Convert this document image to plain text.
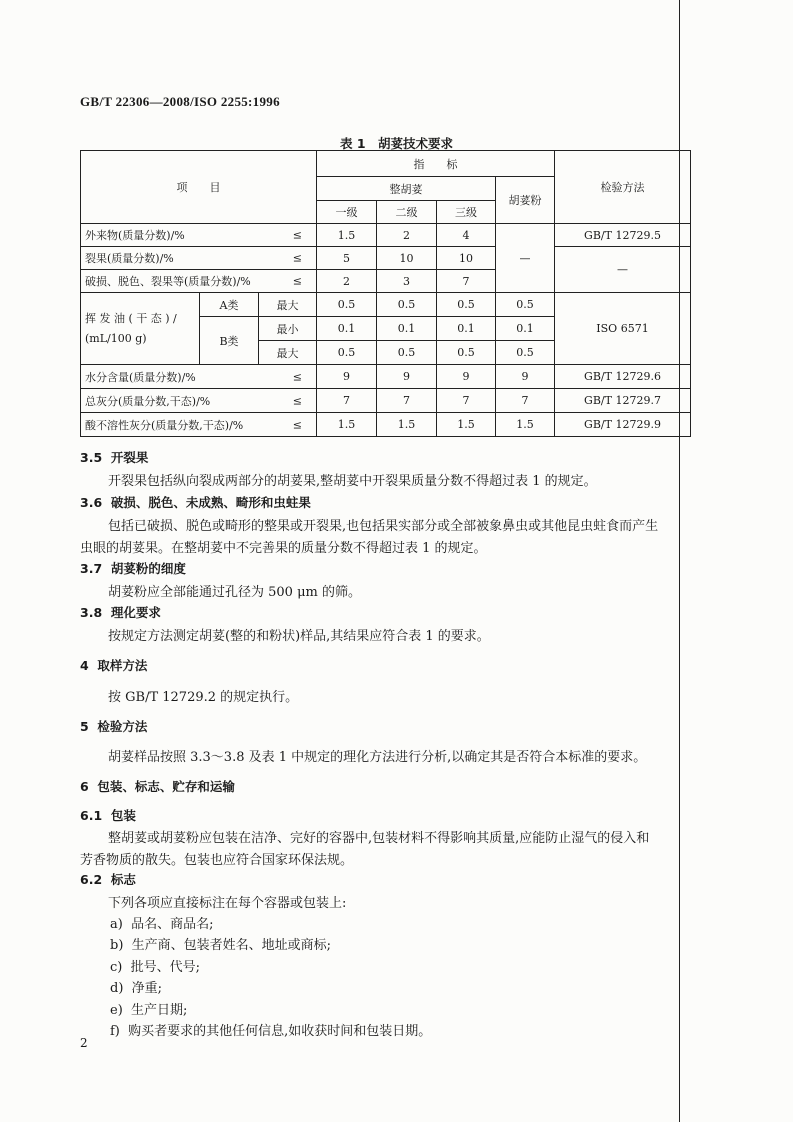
GB/T 22306—2008/ISO 2255:1996
表 1　胡荽技术要求
项　　目			指　　标				检验方法
			整胡荽			胡荽粉	
			一级	二级	三级		
外来物(质量分数)/% ≤			1.5	2	4	—	GB/T 12729.5
裂果(质量分数)/% ≤			5	10	10		—
破损、脱色、裂果等(质量分数)/% ≤			2	3	7		

挥 发 油 ( 干 态 ) /
(mL/100 g)	A类	最大	0.5	0.5	0.5	0.5	ISO 6571
	B类	最小	0.1	0.1	0.1	0.1	
		最大	0.5	0.5	0.5	0.5	
水分含量(质量分数)/% ≤			9	9	9	9	GB/T 12729.6
总灰分(质量分数,干态)/% ≤			7	7	7	7	GB/T 12729.7
酸不溶性灰分(质量分数,干态)/% ≤			1.5	1.5	1.5	1.5	GB/T 12729.9
3.5 开裂果
开裂果包括纵向裂成两部分的胡荽果,整胡荽中开裂果质量分数不得超过表 1 的规定。
3.6 破损、脱色、未成熟、畸形和虫蛀果
包括已破损、脱色或畸形的整果或开裂果,也包括果实部分或全部被象鼻虫或其他昆虫蛀食而产生
虫眼的胡荽果。在整胡荽中不完善果的质量分数不得超过表 1 的规定。
3.7 胡荽粉的细度
胡荽粉应全部能通过孔径为 500 μm 的筛。
3.8 理化要求
按规定方法测定胡荽(整的和粉状)样品,其结果应符合表 1 的要求。
4 取样方法
按 GB/T 12729.2 的规定执行。
5 检验方法
胡荽样品按照 3.3～3.8 及表 1 中规定的理化方法进行分析,以确定其是否符合本标准的要求。
6 包装、标志、贮存和运输
6.1 包装
整胡荽或胡荽粉应包装在洁净、完好的容器中,包装材料不得影响其质量,应能防止湿气的侵入和
芳香物质的散失。包装也应符合国家环保法规。
6.2 标志
下列各项应直接标注在每个容器或包装上:
a) 品名、商品名;
b) 生产商、包装者姓名、地址或商标;
c) 批号、代号;
d) 净重;
e) 生产日期;
f) 购买者要求的其他任何信息,如收获时间和包装日期。
2
